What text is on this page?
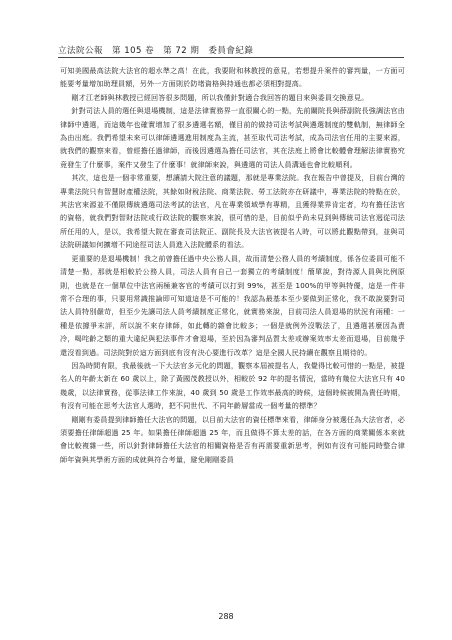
立法院公報　第 105 卷　第 72 期　委員會紀錄

可知美國最高法院大法官的超水準之高！在此，我要附和林教授的意見，若想提升案件的審判量，一方面可能要考量增加助理員額，另外一方面則於防堵資格與持通也都必須相對提高。

剛才江老師與林教授已經回答很多問題，所以我僅針對適合我回答的題目來與委員交換意見。

針對司法人員的選任與退場機制，這是法律實務界一直很關心的一點，先前關院長與薛副院長強調法官由律師中遴選，而這幾年也確實增加了很多遴選名額，僅目前的做持司法考試與遴選制度的雙軌制，無律師全為由出庭。我們希望未來可以律師遴選進用制度為主流，甚至取代司法考試，成為司法官任用的主要來源，就我們的觀察來看，曾經擔任過律師，而後因遴選為擔任司法官，其在法庭上將會比較體會理解法律實務究竟發生了什麼事，案件又發生了什麼事！就律師來說，與遴選的司法人員溝通也會比較順利。

其次，這也是一個非常重要，想讓請大院注意的議題，那就是專業法院。我在報告中曾提及，目前台灣的專業法院只有智慧財產權法院，其餘如財稅法院、商業法院、勞工法院亦在研議中，專業法院的特點在於，其法官來源並不僅限傳統遴選司法考試的法官，凡在專業領域學有專精，且獲得業界肯定者，均有擔任法官的資格，就我們對智財法院或行政法院的觀察來說，很可惜的是，目前似乎尚未見到與傳統司法官迥從司法所任用的人，是以，我希望大院在審查司法院正、副院長及大法官被提名人時，可以將此觀點帶到，並與司法院研議如何擴增不同途徑司法人員進入法院體系的看法。

更重要的是退場機制！我之前曾擔任過中央公務人員，故而清楚公務人員的考績制度，係各位委員可能不清楚一點，那就是相較於公務人員，司法人員有自己一套獨立的考績制度！簡單說，對待源人員與比例原則，也就是在一個單位中法官兩極兼客官的考績可以打到 99%，甚至是 100%的甲等與特優，這是一件非常不合理的事，只要用常識推論即可知道這是不可能的！我認為最基本至少要做到正常化，我不敢說要對司法人員特別嚴苛，但至少先讓司法人員考績制度正常化，就實務來說，目前司法人員退場的狀況有兩種：一種是依據爭末評，所以說不來存律師，如此轉的雜會比較多；一個是就例外沒戰法了，且遴選甚麼因為責冷，喝咤齡之類的重大違紀與犯法事件才會退場，至於因為審判品質太差或辦案效率太差而退場，目前幾乎還沒看到過。司法院對於這方面到底有沒有決心要進行改革？這是全國人民持續在觀察且期待的。

因為時間有限，我最後就一下大法官多元化的問題，觀察本屆被提名人，我覺得比較可惜的一點是，被提名人的年齡太新在 60 歲以上，除了黃國茂教授以外，相較於 92 年的提名情況，當時有幾位大法官只有 40 幾歲，以法律實務，從事法律工作來說，40 歲到 50 歲是工作效率最高的時候，這個時候被開為貴任時期，有沒有可能在思考大法官人選時，把不同世代、不同年齡層當成一個考量的標準？

剛剛有委員提到律師擔任大法官的問題，以目前大法官的資任標準來看，律師身分被選任為大法官者，必須要擔任律師超過 25 年。如果擔任律師超過 25 年，而且做得不算太差的話，在各方面的商業關係本來就會比較複雜一些，所以針對律師擔任大法官的相關資格是否有再需要重新思考，例如有沒有可能同時整合律師年資與其學術方面的成就與符合考量，避免剛剛委員

288
